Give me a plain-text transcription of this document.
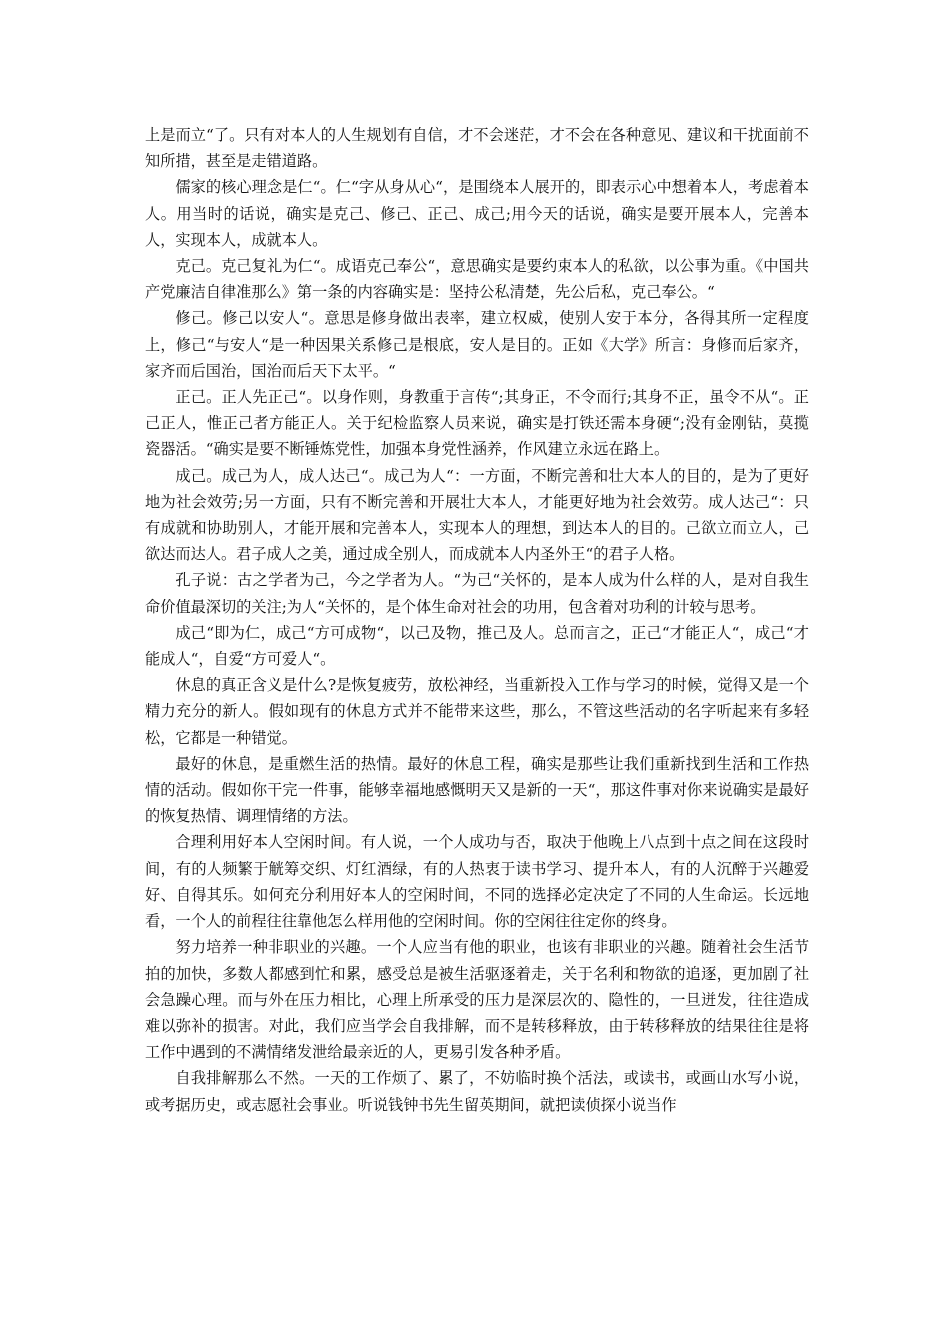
上是而立“了。只有对本人的人生规划有自信，才不会迷茫，才不会在各种意见、建议和干扰面前不知所措，甚至是走错道路。

儒家的核心理念是仁“。仁“字从身从心“，是围绕本人展开的，即表示心中想着本人，考虑着本人。用当时的话说，确实是克己、修己、正己、成己;用今天的话说，确实是要开展本人，完善本人，实现本人，成就本人。

克己。克己复礼为仁“。成语克己奉公“，意思确实是要约束本人的私欲，以公事为重。《中国共产党廉洁自律准那么》第一条的内容确实是：坚持公私清楚，先公后私，克己奉公。“

修己。修己以安人“。意思是修身做出表率，建立权威，使别人安于本分，各得其所一定程度上，修己“与安人“是一种因果关系修己是根底，安人是目的。正如《大学》所言：身修而后家齐，家齐而后国治，国治而后天下太平。“

正己。正人先正己“。以身作则，身教重于言传“;其身正，不令而行;其身不正，虽令不从“。正己正人，惟正己者方能正人。关于纪检监察人员来说，确实是打铁还需本身硬“;没有金刚钻，莫揽瓷器活。“确实是要不断锤炼党性，加强本身党性涵养，作风建立永远在路上。

成己。成己为人，成人达己“。成己为人“：一方面，不断完善和壮大本人的目的，是为了更好地为社会效劳;另一方面，只有不断完善和开展壮大本人，才能更好地为社会效劳。成人达己“：只有成就和协助别人，才能开展和完善本人，实现本人的理想，到达本人的目的。己欲立而立人，己欲达而达人。君子成人之美，通过成全别人，而成就本人内圣外王“的君子人格。

孔子说：古之学者为己，今之学者为人。“为己“关怀的，是本人成为什么样的人，是对自我生命价值最深切的关注;为人“关怀的，是个体生命对社会的功用，包含着对功利的计较与思考。

成己“即为仁，成己“方可成物“，以己及物，推己及人。总而言之，正己“才能正人“，成己“才能成人“，自爱“方可爱人“。

休息的真正含义是什么?是恢复疲劳，放松神经，当重新投入工作与学习的时候，觉得又是一个精力充分的新人。假如现有的休息方式并不能带来这些，那么，不管这些活动的名字听起来有多轻松，它都是一种错觉。

最好的休息，是重燃生活的热情。最好的休息工程，确实是那些让我们重新找到生活和工作热情的活动。假如你干完一件事，能够幸福地感慨明天又是新的一天“，那这件事对你来说确实是最好的恢复热情、调理情绪的方法。

合理利用好本人空闲时间。有人说，一个人成功与否，取决于他晚上八点到十点之间在这段时间，有的人频繁于觥筹交织、灯红酒绿，有的人热衷于读书学习、提升本人，有的人沉醉于兴趣爱好、自得其乐。如何充分利用好本人的空闲时间，不同的选择必定决定了不同的人生命运。长远地看，一个人的前程往往靠他怎么样用他的空闲时间。你的空闲往往定你的终身。

努力培养一种非职业的兴趣。一个人应当有他的职业，也该有非职业的兴趣。随着社会生活节拍的加快，多数人都感到忙和累，感受总是被生活驱逐着走，关于名利和物欲的追逐，更加剧了社会急躁心理。而与外在压力相比，心理上所承受的压力是深层次的、隐性的，一旦迸发，往往造成难以弥补的损害。对此，我们应当学会自我排解，而不是转移释放，由于转移释放的结果往往是将工作中遇到的不满情绪发泄给最亲近的人，更易引发各种矛盾。

自我排解那么不然。一天的工作烦了、累了，不妨临时换个活法，或读书，或画山水写小说，或考据历史，或志愿社会事业。听说钱钟书先生留英期间，就把读侦探小说当作
